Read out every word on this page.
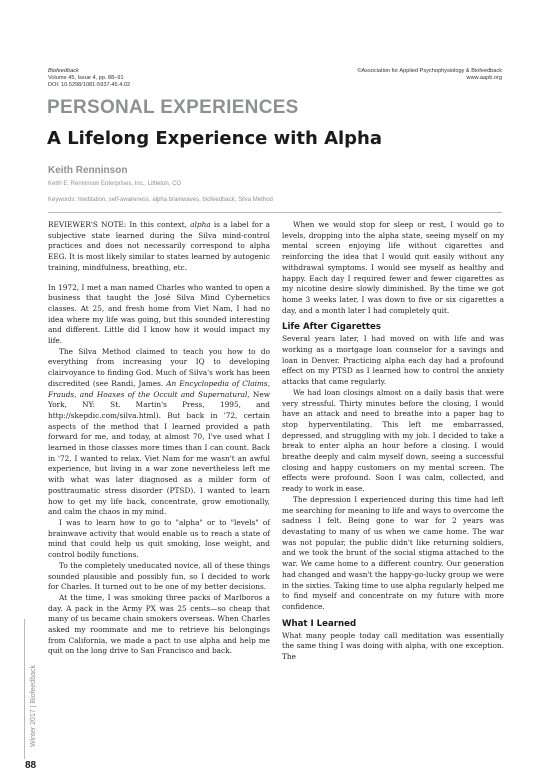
Biofeedback
Volume 45, Issue 4, pp. 88–91
DOI: 10.5298/1081-5937-45.4.02
©Association for Applied Psychophysiology & Biofeedback
www.aapb.org
PERSONAL EXPERIENCES
A Lifelong Experience with Alpha
Keith Renninson
Keith E. Renninson Enterprises, Inc., Littleton, CO
Keywords: meditation, self-awareness, alpha brainwaves, biofeedback, Silva Method

REVIEWER'S NOTE: In this context, alpha is a label for a subjective state learned during the Silva mind-control practices and does not necessarily correspond to alpha EEG. It is most likely similar to states learned by autogenic training, mindfulness, breathing, etc.

In 1972, I met a man named Charles who wanted to open a business that taught the José Silva Mind Cybernetics classes. At 25, and fresh home from Viet Nam, I had no idea where my life was going, but this sounded interesting and different. Little did I know how it would impact my life.

The Silva Method claimed to teach you how to do everything from increasing your IQ to developing clairvoyance to finding God. Much of Silva's work has been discredited (see Randi, James. An Encyclopedia of Claims, Frauds, and Hoaxes of the Occult and Supernatural, New York, NY: St. Martin's Press, 1995, and http://skepdic.com/silva.html). But back in '72, certain aspects of the method that I learned provided a path forward for me, and today, at almost 70, I've used what I learned in those classes more times than I can count. Back in '72, I wanted to relax. Viet Nam for me wasn't an awful experience, but living in a war zone nevertheless left me with what was later diagnosed as a milder form of posttraumatic stress disorder (PTSD). I wanted to learn how to get my life back, concentrate, grow emotionally, and calm the chaos in my mind.

I was to learn how to go to "alpha" or to "levels" of brainwave activity that would enable us to reach a state of mind that could help us quit smoking, lose weight, and control bodily functions.

To the completely uneducated novice, all of these things sounded plausible and possibly fun, so I decided to work for Charles. It turned out to be one of my better decisions.

At the time, I was smoking three packs of Marlboros a day. A pack in the Army PX was 25 cents—so cheap that many of us became chain smokers overseas. When Charles asked my roommate and me to retrieve his belongings from California, we made a pact to use alpha and help me quit on the long drive to San Francisco and back.

When we would stop for sleep or rest, I would go to levels, dropping into the alpha state, seeing myself on my mental screen enjoying life without cigarettes and reinforcing the idea that I would quit easily without any withdrawal symptoms. I would see myself as healthy and happy. Each day I required fewer and fewer cigarettes as my nicotine desire slowly diminished. By the time we got home 3 weeks later, I was down to five or six cigarettes a day, and a month later I had completely quit.

Life After Cigarettes

Several years later, I had moved on with life and was working as a mortgage loan counselor for a savings and loan in Denver. Practicing alpha each day had a profound effect on my PTSD as I learned how to control the anxiety attacks that came regularly.

We had loan closings almost on a daily basis that were very stressful. Thirty minutes before the closing, I would have an attack and need to breathe into a paper bag to stop hyperventilating. This left me embarrassed, depressed, and struggling with my job. I decided to take a break to enter alpha an hour before a closing. I would breathe deeply and calm myself down, seeing a successful closing and happy customers on my mental screen. The effects were profound. Soon I was calm, collected, and ready to work in ease.

The depression I experienced during this time had left me searching for meaning to life and ways to overcome the sadness I felt. Being gone to war for 2 years was devastating to many of us when we came home. The war was not popular, the public didn't like returning soldiers, and we took the brunt of the social stigma attached to the war. We came home to a different country. Our generation had changed and wasn't the happy-go-lucky group we were in the sixties. Taking time to use alpha regularly helped me to find myself and concentrate on my future with more confidence.

What I Learned

What many people today call meditation was essentially the same thing I was doing with alpha, with one exception. The

Winter 2017 | Biofeedback
88
